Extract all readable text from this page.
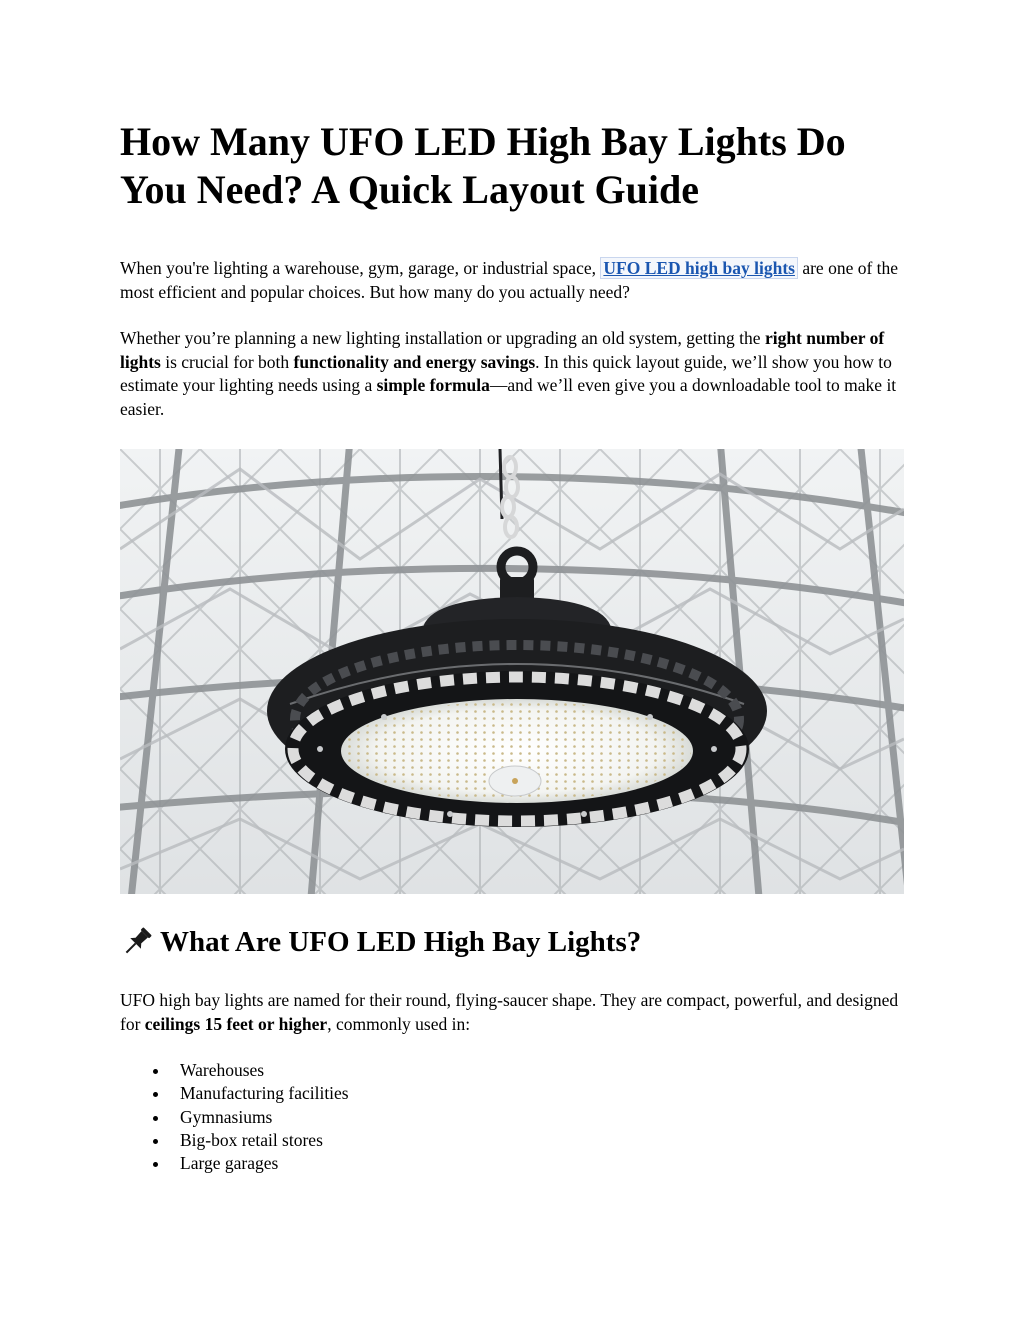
How Many UFO LED High Bay Lights Do You Need? A Quick Layout Guide

When you're lighting a warehouse, gym, garage, or industrial space, UFO LED high bay lights are one of the most efficient and popular choices. But how many do you actually need?

Whether you’re planning a new lighting installation or upgrading an old system, getting the right number of lights is crucial for both functionality and energy savings. In this quick layout guide, we’ll show you how to estimate your lighting needs using a simple formula—and we’ll even give you a downloadable tool to make it easier.

What Are UFO LED High Bay Lights?

UFO high bay lights are named for their round, flying-saucer shape. They are compact, powerful, and designed for ceilings 15 feet or higher, commonly used in:

Warehouses
Manufacturing facilities
Gymnasiums
Big-box retail stores
Large garages
